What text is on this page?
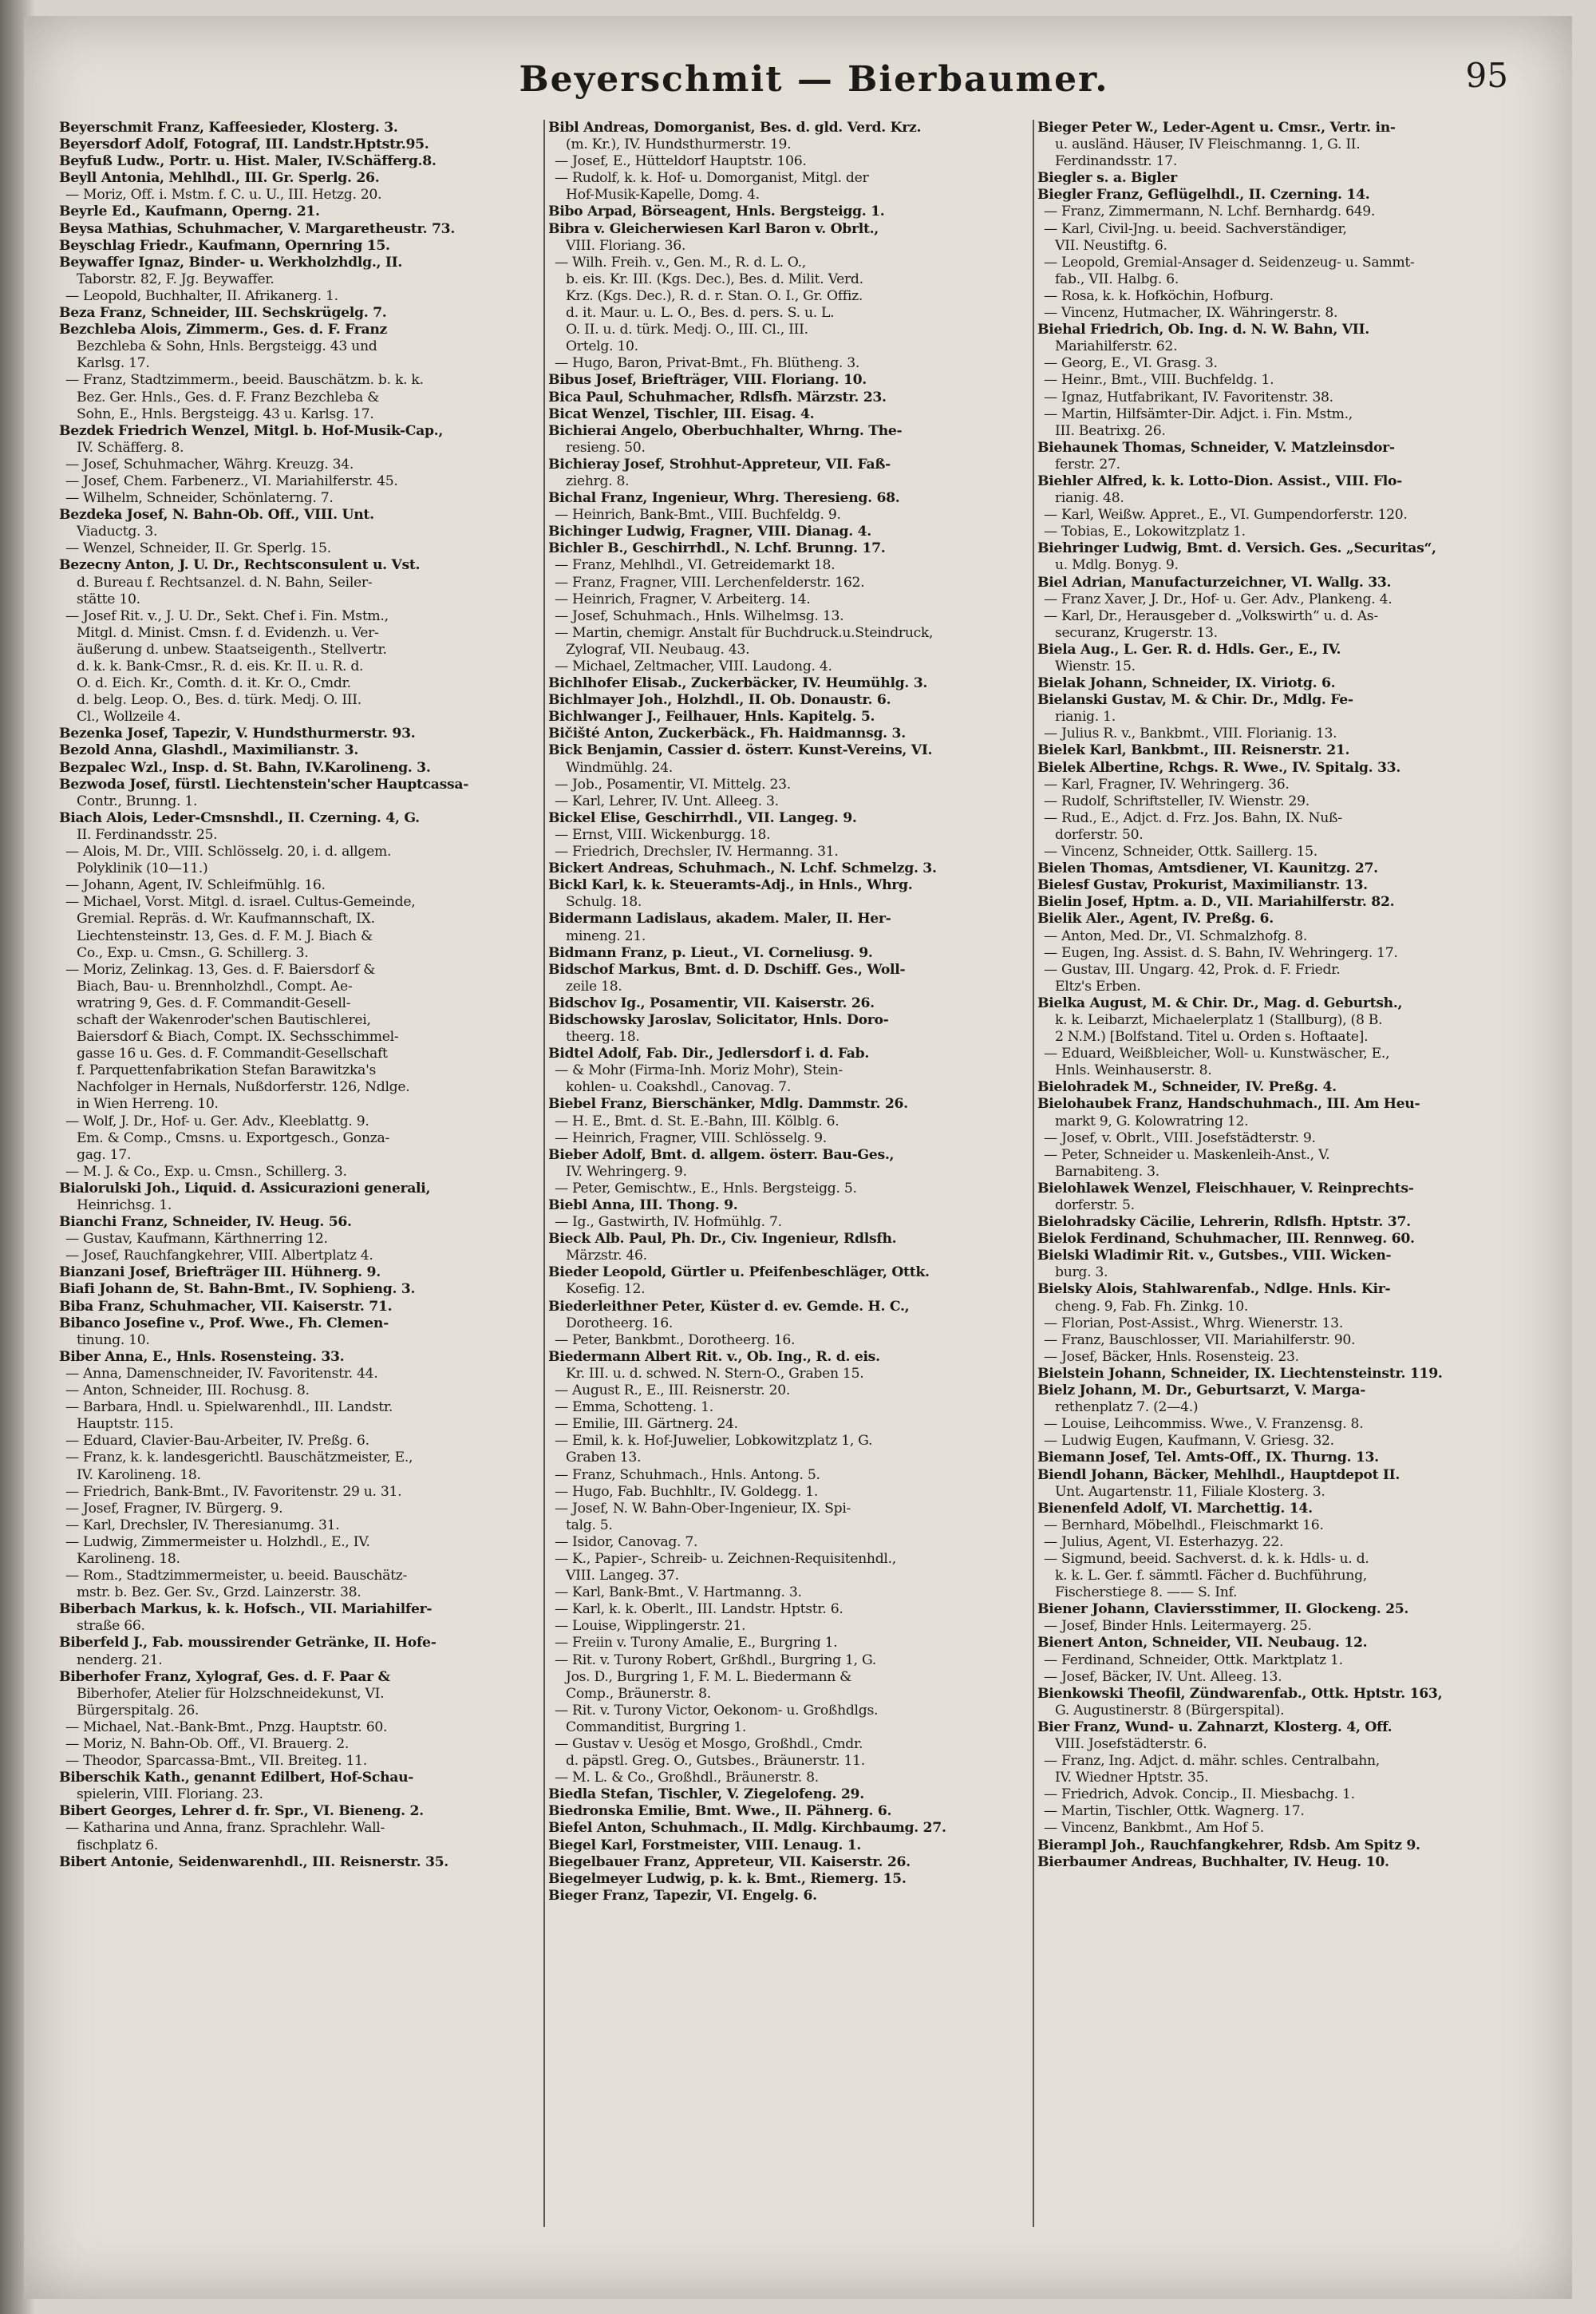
Beyerschmit — Bierbaumer.	95
Beyerschmit Franz, Kaffeesieder, Klosterg. 3.
Beyersdorf Adolf, Fotograf, III. Landstr.Hptstr.95.
Beyfuß Ludw., Portr. u. Hist. Maler, IV.Schäfferg.8.
Beyll Antonia, Mehlhdl., III. Gr. Sperlg. 26.
— Moriz, Off. i. Mstm. f. C. u. U., III. Hetzg. 20.
Beyrle Ed., Kaufmann, Operng. 21.
Beysa Mathias, Schuhmacher, V. Margaretheustr. 73.
Beyschlag Friedr., Kaufmann, Opernring 15.
Beywaffer Ignaz, Binder- u. Werkholzhdlg., II.
Taborstr. 82, F. Jg. Beywaffer.
— Leopold, Buchhalter, II. Afrikanerg. 1.
Beza Franz, Schneider, III. Sechskrügelg. 7.
Bezchleba Alois, Zimmerm., Ges. d. F. Franz
Bezchleba & Sohn, Hnls. Bergsteigg. 43 und
Karlsg. 17.
— Franz, Stadtzimmerm., beeid. Bauschätzm. b. k. k.
Bez. Ger. Hnls., Ges. d. F. Franz Bezchleba &
Sohn, E., Hnls. Bergsteigg. 43 u. Karlsg. 17.
Bezdek Friedrich Wenzel, Mitgl. b. Hof-Musik-Cap.,
IV. Schäfferg. 8.
— Josef, Schuhmacher, Währg. Kreuzg. 34.
— Josef, Chem. Farbenerz., VI. Mariahilferstr. 45.
— Wilhelm, Schneider, Schönlaterng. 7.
Bezdeka Josef, N. Bahn-Ob. Off., VIII. Unt.
Viaductg. 3.
— Wenzel, Schneider, II. Gr. Sperlg. 15.
Bezecny Anton, J. U. Dr., Rechtsconsulent u. Vst.
d. Bureau f. Rechtsanzel. d. N. Bahn, Seiler-
stätte 10.
— Josef Rit. v., J. U. Dr., Sekt. Chef i. Fin. Mstm.,
Mitgl. d. Minist. Cmsn. f. d. Evidenzh. u. Ver-
äußerung d. unbew. Staatseigenth., Stellvertr.
d. k. k. Bank-Cmsr., R. d. eis. Kr. II. u. R. d.
O. d. Eich. Kr., Comth. d. it. Kr. O., Cmdr.
d. belg. Leop. O., Bes. d. türk. Medj. O. III.
Cl., Wollzeile 4.
Bezenka Josef, Tapezir, V. Hundsthurmerstr. 93.
Bezold Anna, Glashdl., Maximilianstr. 3.
Bezpalec Wzl., Insp. d. St. Bahn, IV.Karolineng. 3.
Bezwoda Josef, fürstl. Liechtenstein'scher Hauptcassa-
Contr., Brunng. 1.
Biach Alois, Leder-Cmsnshdl., II. Czerning. 4, G.
II. Ferdinandsstr. 25.
— Alois, M. Dr., VIII. Schlösselg. 20, i. d. allgem.
Polyklinik (10—11.)
— Johann, Agent, IV. Schleifmühlg. 16.
— Michael, Vorst. Mitgl. d. israel. Cultus-Gemeinde,
Gremial. Repräs. d. Wr. Kaufmannschaft, IX.
Liechtensteinstr. 13, Ges. d. F. M. J. Biach &
Co., Exp. u. Cmsn., G. Schillerg. 3.
— Moriz, Zelinkag. 13, Ges. d. F. Baiersdorf &
Biach, Bau- u. Brennholzhdl., Compt. Ae-
wratring 9, Ges. d. F. Commandit-Gesell-
schaft der Wakenroder'schen Bautischlerei,
Baiersdorf & Biach, Compt. IX. Sechsschimmel-
gasse 16 u. Ges. d. F. Commandit-Gesellschaft
f. Parquettenfabrikation Stefan Barawitzka's
Nachfolger in Hernals, Nußdorferstr. 126, Ndlge.
in Wien Herreng. 10.
— Wolf, J. Dr., Hof- u. Ger. Adv., Kleeblattg. 9.
Em. & Comp., Cmsns. u. Exportgesch., Gonza-
gag. 17.
— M. J. & Co., Exp. u. Cmsn., Schillerg. 3.
Bialorulski Joh., Liquid. d. Assicurazioni generali,
Heinrichsg. 1.
Bianchi Franz, Schneider, IV. Heug. 56.
— Gustav, Kaufmann, Kärthnerring 12.
— Josef, Rauchfangkehrer, VIII. Albertplatz 4.
Bianzani Josef, Briefträger III. Hühnerg. 9.
Biafi Johann de, St. Bahn-Bmt., IV. Sophieng. 3.
Biba Franz, Schuhmacher, VII. Kaiserstr. 71.
Bibanco Josefine v., Prof. Wwe., Fh. Clemen-
tinung. 10.
Biber Anna, E., Hnls. Rosensteing. 33.
— Anna, Damenschneider, IV. Favoritenstr. 44.
— Anton, Schneider, III. Rochusg. 8.
— Barbara, Hndl. u. Spielwarenhdl., III. Landstr.
Hauptstr. 115.
— Eduard, Clavier-Bau-Arbeiter, IV. Preßg. 6.
— Franz, k. k. landesgerichtl. Bauschätzmeister, E.,
IV. Karolineng. 18.
— Friedrich, Bank-Bmt., IV. Favoritenstr. 29 u. 31.
— Josef, Fragner, IV. Bürgerg. 9.
— Karl, Drechsler, IV. Theresianumg. 31.
— Ludwig, Zimmermeister u. Holzhdl., E., IV.
Karolineng. 18.
— Rom., Stadtzimmermeister, u. beeid. Bauschätz-
mstr. b. Bez. Ger. Sv., Grzd. Lainzerstr. 38.
Biberbach Markus, k. k. Hofsch., VII. Mariahilfer-
straße 66.
Biberfeld J., Fab. moussirender Getränke, II. Hofe-
nenderg. 21.
Biberhofer Franz, Xylograf, Ges. d. F. Paar &
Biberhofer, Atelier für Holzschneidekunst, VI.
Bürgerspitalg. 26.
— Michael, Nat.-Bank-Bmt., Pnzg. Hauptstr. 60.
— Moriz, N. Bahn-Ob. Off., VI. Brauerg. 2.
— Theodor, Sparcassa-Bmt., VII. Breiteg. 11.
Biberschik Kath., genannt Edilbert, Hof-Schau-
spielerin, VIII. Floriang. 23.
Bibert Georges, Lehrer d. fr. Spr., VI. Bieneng. 2.
— Katharina und Anna, franz. Sprachlehr. Wall-
fischplatz 6.
Bibert Antonie, Seidenwarenhdl., III. Reisnerstr. 35.
Bibl Andreas, Domorganist, Bes. d. gld. Verd. Krz.
(m. Kr.), IV. Hundsthurmerstr. 19.
— Josef, E., Hütteldorf Hauptstr. 106.
— Rudolf, k. k. Hof- u. Domorganist, Mitgl. der
Hof-Musik-Kapelle, Domg. 4.
Bibo Arpad, Börseagent, Hnls. Bergsteigg. 1.
Bibra v. Gleicherwiesen Karl Baron v. Obrlt.,
VIII. Floriang. 36.
— Wilh. Freih. v., Gen. M., R. d. L. O.,
b. eis. Kr. III. (Kgs. Dec.), Bes. d. Milit. Verd.
Krz. (Kgs. Dec.), R. d. r. Stan. O. I., Gr. Offiz.
d. it. Maur. u. L. O., Bes. d. pers. S. u. L.
O. II. u. d. türk. Medj. O., III. Cl., III.
Ortelg. 10.
— Hugo, Baron, Privat-Bmt., Fh. Blütheng. 3.
Bibus Josef, Briefträger, VIII. Floriang. 10.
Bica Paul, Schuhmacher, Rdlsfh. Märzstr. 23.
Bicat Wenzel, Tischler, III. Eisag. 4.
Bichierai Angelo, Oberbuchhalter, Whrng. The-
resieng. 50.
Bichieray Josef, Strohhut-Appreteur, VII. Faß-
ziehrg. 8.
Bichal Franz, Ingenieur, Whrg. Theresieng. 68.
— Heinrich, Bank-Bmt., VIII. Buchfeldg. 9.
Bichinger Ludwig, Fragner, VIII. Dianag. 4.
Bichler B., Geschirrhdl., N. Lchf. Brunng. 17.
— Franz, Mehlhdl., VI. Getreidemarkt 18.
— Franz, Fragner, VIII. Lerchenfelderstr. 162.
— Heinrich, Fragner, V. Arbeiterg. 14.
— Josef, Schuhmach., Hnls. Wilhelmsg. 13.
— Martin, chemigr. Anstalt für Buchdruck.u.Steindruck,
Zylograf, VII. Neubaug. 43.
— Michael, Zeltmacher, VIII. Laudong. 4.
Bichlhofer Elisab., Zuckerbäcker, IV. Heumühlg. 3.
Bichlmayer Joh., Holzhdl., II. Ob. Donaustr. 6.
Bichlwanger J., Feilhauer, Hnls. Kapitelg. 5.
Bičišté Anton, Zuckerbäck., Fh. Haidmannsg. 3.
Bick Benjamin, Cassier d. österr. Kunst-Vereins, VI.
Windmühlg. 24.
— Job., Posamentir, VI. Mittelg. 23.
— Karl, Lehrer, IV. Unt. Alleeg. 3.
Bickel Elise, Geschirrhdl., VII. Langeg. 9.
— Ernst, VIII. Wickenburgg. 18.
— Friedrich, Drechsler, IV. Hermanng. 31.
Bickert Andreas, Schuhmach., N. Lchf. Schmelzg. 3.
Bickl Karl, k. k. Steueramts-Adj., in Hnls., Whrg.
Schulg. 18.
Bidermann Ladislaus, akadem. Maler, II. Her-
mineng. 21.
Bidmann Franz, p. Lieut., VI. Corneliusg. 9.
Bidschof Markus, Bmt. d. D. Dschiff. Ges., Woll-
zeile 18.
Bidschov Ig., Posamentir, VII. Kaiserstr. 26.
Bidschowsky Jaroslav, Solicitator, Hnls. Doro-
theerg. 18.
Bidtel Adolf, Fab. Dir., Jedlersdorf i. d. Fab.
— & Mohr (Firma-Inh. Moriz Mohr), Stein-
kohlen- u. Coakshdl., Canovag. 7.
Biebel Franz, Bierschänker, Mdlg. Dammstr. 26.
— H. E., Bmt. d. St. E.-Bahn, III. Kölblg. 6.
— Heinrich, Fragner, VIII. Schlösselg. 9.
Bieber Adolf, Bmt. d. allgem. österr. Bau-Ges.,
IV. Wehringerg. 9.
— Peter, Gemischtw., E., Hnls. Bergsteigg. 5.
Biebl Anna, III. Thong. 9.
— Ig., Gastwirth, IV. Hofmühlg. 7.
Bieck Alb. Paul, Ph. Dr., Civ. Ingenieur, Rdlsfh.
Märzstr. 46.
Bieder Leopold, Gürtler u. Pfeifenbeschläger, Ottk.
Kosefig. 12.
Biederleithner Peter, Küster d. ev. Gemde. H. C.,
Dorotheerg. 16.
— Peter, Bankbmt., Dorotheerg. 16.
Biedermann Albert Rit. v., Ob. Ing., R. d. eis.
Kr. III. u. d. schwed. N. Stern-O., Graben 15.
— August R., E., III. Reisnerstr. 20.
— Emma, Schotteng. 1.
— Emilie, III. Gärtnerg. 24.
— Emil, k. k. Hof-Juwelier, Lobkowitzplatz 1, G.
Graben 13.
— Franz, Schuhmach., Hnls. Antong. 5.
— Hugo, Fab. Buchhltr., IV. Goldegg. 1.
— Josef, N. W. Bahn-Ober-Ingenieur, IX. Spi-
talg. 5.
— Isidor, Canovag. 7.
— K., Papier-, Schreib- u. Zeichnen-Requisitenhdl.,
VIII. Langeg. 37.
— Karl, Bank-Bmt., V. Hartmanng. 3.
— Karl, k. k. Oberlt., III. Landstr. Hptstr. 6.
— Louise, Wipplingerstr. 21.
— Freiin v. Turony Amalie, E., Burgring 1.
— Rit. v. Turony Robert, Grßhdl., Burgring 1, G.
Jos. D., Burgring 1, F. M. L. Biedermann &
Comp., Bräunerstr. 8.
— Rit. v. Turony Victor, Oekonom- u. Großhdlgs.
Commanditist, Burgring 1.
— Gustav v. Uesög et Mosgo, Großhdl., Cmdr.
d. päpstl. Greg. O., Gutsbes., Bräunerstr. 11.
— M. L. & Co., Großhdl., Bräunerstr. 8.
Biedla Stefan, Tischler, V. Ziegelofeng. 29.
Biedronska Emilie, Bmt. Wwe., II. Pähnerg. 6.
Biefel Anton, Schuhmach., II. Mdlg. Kirchbaumg. 27.
Biegel Karl, Forstmeister, VIII. Lenaug. 1.
Biegelbauer Franz, Appreteur, VII. Kaiserstr. 26.
Biegelmeyer Ludwig, p. k. k. Bmt., Riemerg. 15.
Bieger Franz, Tapezir, VI. Engelg. 6.
Bieger Peter W., Leder-Agent u. Cmsr., Vertr. in-
u. ausländ. Häuser, IV Fleischmanng. 1, G. II.
Ferdinandsstr. 17.
Biegler s. a. Bigler
Biegler Franz, Geflügelhdl., II. Czerning. 14.
— Franz, Zimmermann, N. Lchf. Bernhardg. 649.
— Karl, Civil-Jng. u. beeid. Sachverständiger,
VII. Neustiftg. 6.
— Leopold, Gremial-Ansager d. Seidenzeug- u. Sammt-
fab., VII. Halbg. 6.
— Rosa, k. k. Hofköchin, Hofburg.
— Vincenz, Hutmacher, IX. Währingerstr. 8.
Biehal Friedrich, Ob. Ing. d. N. W. Bahn, VII.
Mariahilferstr. 62.
— Georg, E., VI. Grasg. 3.
— Heinr., Bmt., VIII. Buchfeldg. 1.
— Ignaz, Hutfabrikant, IV. Favoritenstr. 38.
— Martin, Hilfsämter-Dir. Adjct. i. Fin. Mstm.,
III. Beatrixg. 26.
Biehaunek Thomas, Schneider, V. Matzleinsdor-
ferstr. 27.
Biehler Alfred, k. k. Lotto-Dion. Assist., VIII. Flo-
rianig. 48.
— Karl, Weißw. Appret., E., VI. Gumpendorferstr. 120.
— Tobias, E., Lokowitzplatz 1.
Biehringer Ludwig, Bmt. d. Versich. Ges. „Securitas“,
u. Mdlg. Bonyg. 9.
Biel Adrian, Manufacturzeichner, VI. Wallg. 33.
— Franz Xaver, J. Dr., Hof- u. Ger. Adv., Plankeng. 4.
— Karl, Dr., Herausgeber d. „Volkswirth“ u. d. As-
securanz, Krugerstr. 13.
Biela Aug., L. Ger. R. d. Hdls. Ger., E., IV.
Wienstr. 15.
Bielak Johann, Schneider, IX. Viriotg. 6.
Bielanski Gustav, M. & Chir. Dr., Mdlg. Fe-
rianig. 1.
— Julius R. v., Bankbmt., VIII. Florianig. 13.
Bielek Karl, Bankbmt., III. Reisnerstr. 21.
Bielek Albertine, Rchgs. R. Wwe., IV. Spitalg. 33.
— Karl, Fragner, IV. Wehringerg. 36.
— Rudolf, Schriftsteller, IV. Wienstr. 29.
— Rud., E., Adjct. d. Frz. Jos. Bahn, IX. Nuß-
dorferstr. 50.
— Vincenz, Schneider, Ottk. Saillerg. 15.
Bielen Thomas, Amtsdiener, VI. Kaunitzg. 27.
Bielesf Gustav, Prokurist, Maximilianstr. 13.
Bielin Josef, Hptm. a. D., VII. Mariahilferstr. 82.
Bielik Aler., Agent, IV. Preßg. 6.
— Anton, Med. Dr., VI. Schmalzhofg. 8.
— Eugen, Ing. Assist. d. S. Bahn, IV. Wehringerg. 17.
— Gustav, III. Ungarg. 42, Prok. d. F. Friedr.
Eltz's Erben.
Bielka August, M. & Chir. Dr., Mag. d. Geburtsh.,
k. k. Leibarzt, Michaelerplatz 1 (Stallburg), (8 B.
2 N.M.) [Bolfstand. Titel u. Orden s. Hoftaate].
— Eduard, Weißbleicher, Woll- u. Kunstwäscher, E.,
Hnls. Weinhauserstr. 8.
Bielohradek M., Schneider, IV. Preßg. 4.
Bielohaubek Franz, Handschuhmach., III. Am Heu-
markt 9, G. Kolowratring 12.
— Josef, v. Obrlt., VIII. Josefstädterstr. 9.
— Peter, Schneider u. Maskenleih-Anst., V.
Barnabiteng. 3.
Bielohlawek Wenzel, Fleischhauer, V. Reinprechts-
dorferstr. 5.
Bielohradsky Cäcilie, Lehrerin, Rdlsfh. Hptstr. 37.
Bielok Ferdinand, Schuhmacher, III. Rennweg. 60.
Bielski Wladimir Rit. v., Gutsbes., VIII. Wicken-
burg. 3.
Bielsky Alois, Stahlwarenfab., Ndlge. Hnls. Kir-
cheng. 9, Fab. Fh. Zinkg. 10.
— Florian, Post-Assist., Whrg. Wienerstr. 13.
— Franz, Bauschlosser, VII. Mariahilferstr. 90.
— Josef, Bäcker, Hnls. Rosensteig. 23.
Bielstein Johann, Schneider, IX. Liechtensteinstr. 119.
Bielz Johann, M. Dr., Geburtsarzt, V. Marga-
rethenplatz 7. (2—4.)
— Louise, Leihcommiss. Wwe., V. Franzensg. 8.
— Ludwig Eugen, Kaufmann, V. Griesg. 32.
Biemann Josef, Tel. Amts-Off., IX. Thurng. 13.
Biendl Johann, Bäcker, Mehlhdl., Hauptdepot II.
Unt. Augartenstr. 11, Filiale Klosterg. 3.
Bienenfeld Adolf, VI. Marchettig. 14.
— Bernhard, Möbelhdl., Fleischmarkt 16.
— Julius, Agent, VI. Esterhazyg. 22.
— Sigmund, beeid. Sachverst. d. k. k. Hdls- u. d.
k. k. L. Ger. f. sämmtl. Fächer d. Buchführung,
Fischerstiege 8. —— S. Inf.
Biener Johann, Claviersstimmer, II. Glockeng. 25.
— Josef, Binder Hnls. Leitermayerg. 25.
Bienert Anton, Schneider, VII. Neubaug. 12.
— Ferdinand, Schneider, Ottk. Marktplatz 1.
— Josef, Bäcker, IV. Unt. Alleeg. 13.
Bienkowski Theofil, Zündwarenfab., Ottk. Hptstr. 163,
G. Augustinerstr. 8 (Bürgerspital).
Bier Franz, Wund- u. Zahnarzt, Klosterg. 4, Off.
VIII. Josefstädterstr. 6.
— Franz, Ing. Adjct. d. mähr. schles. Centralbahn,
IV. Wiedner Hptstr. 35.
— Friedrich, Advok. Concip., II. Miesbachg. 1.
— Martin, Tischler, Ottk. Wagnerg. 17.
— Vincenz, Bankbmt., Am Hof 5.
Bierampl Joh., Rauchfangkehrer, Rdsb. Am Spitz 9.
Bierbaumer Andreas, Buchhalter, IV. Heug. 10.
